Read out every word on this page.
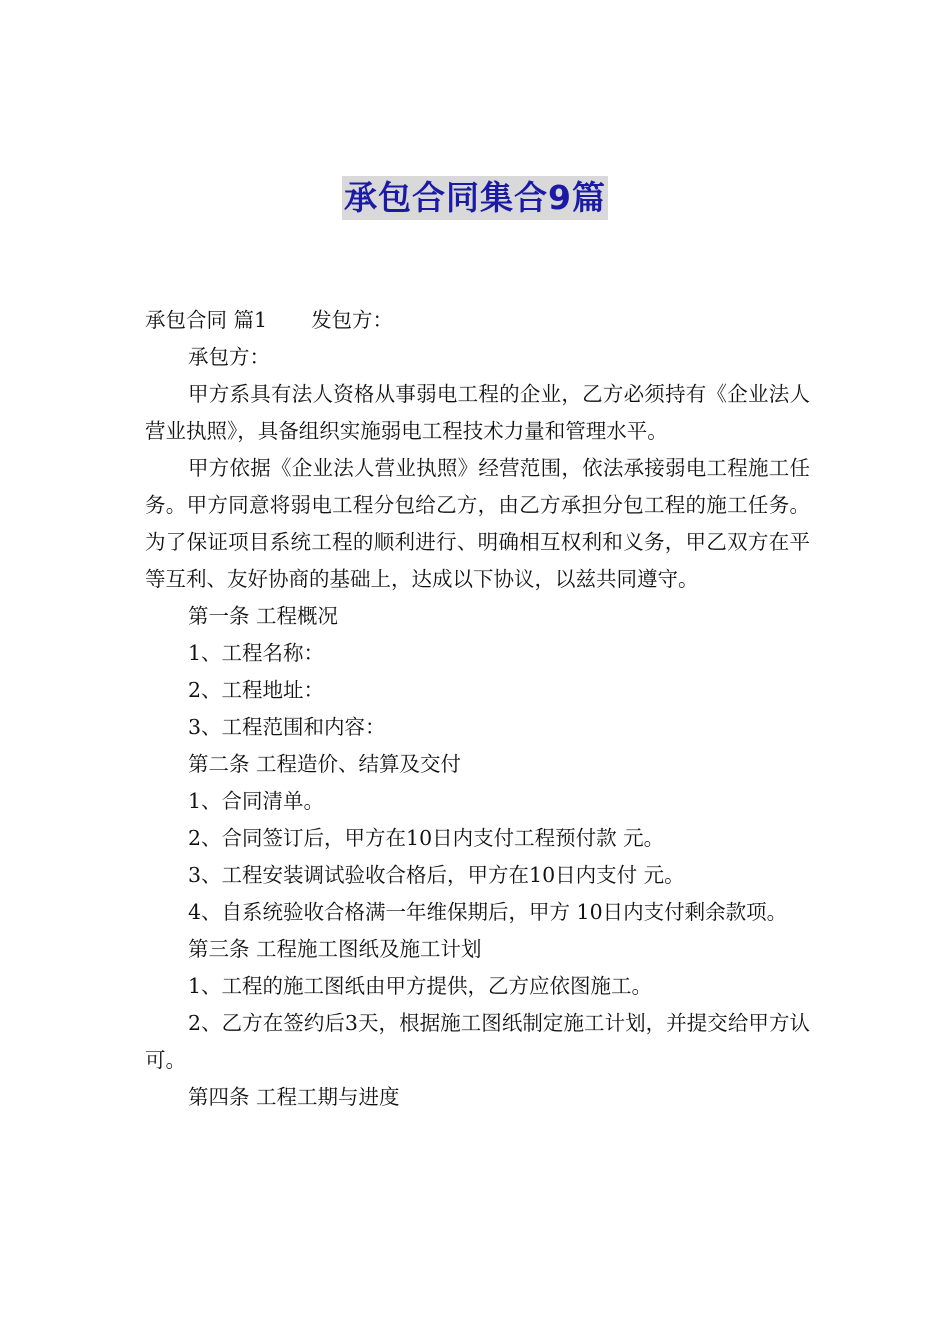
承包合同集合9篇

承包合同 篇1 发包方：

承包方：

甲方系具有法人资格从事弱电工程的企业，乙方必须持有《企业法人营业执照》，具备组织实施弱电工程技术力量和管理水平。

甲方依据《企业法人营业执照》经营范围，依法承接弱电工程施工任务。甲方同意将弱电工程分包给乙方，由乙方承担分包工程的施工任务。为了保证项目系统工程的顺利进行、明确相互权利和义务，甲乙双方在平等互利、友好协商的基础上，达成以下协议，以兹共同遵守。

第一条 工程概况

1、工程名称：

2、工程地址：

3、工程范围和内容：

第二条 工程造价、结算及交付

1、合同清单。

2、合同签订后，甲方在10日内支付工程预付款 元。

3、工程安装调试验收合格后，甲方在10日内支付 元。

4、自系统验收合格满一年维保期后，甲方 10日内支付剩余款项。

第三条 工程施工图纸及施工计划

1、工程的施工图纸由甲方提供，乙方应依图施工。

2、乙方在签约后3天，根据施工图纸制定施工计划，并提交给甲方认可。

第四条 工程工期与进度
